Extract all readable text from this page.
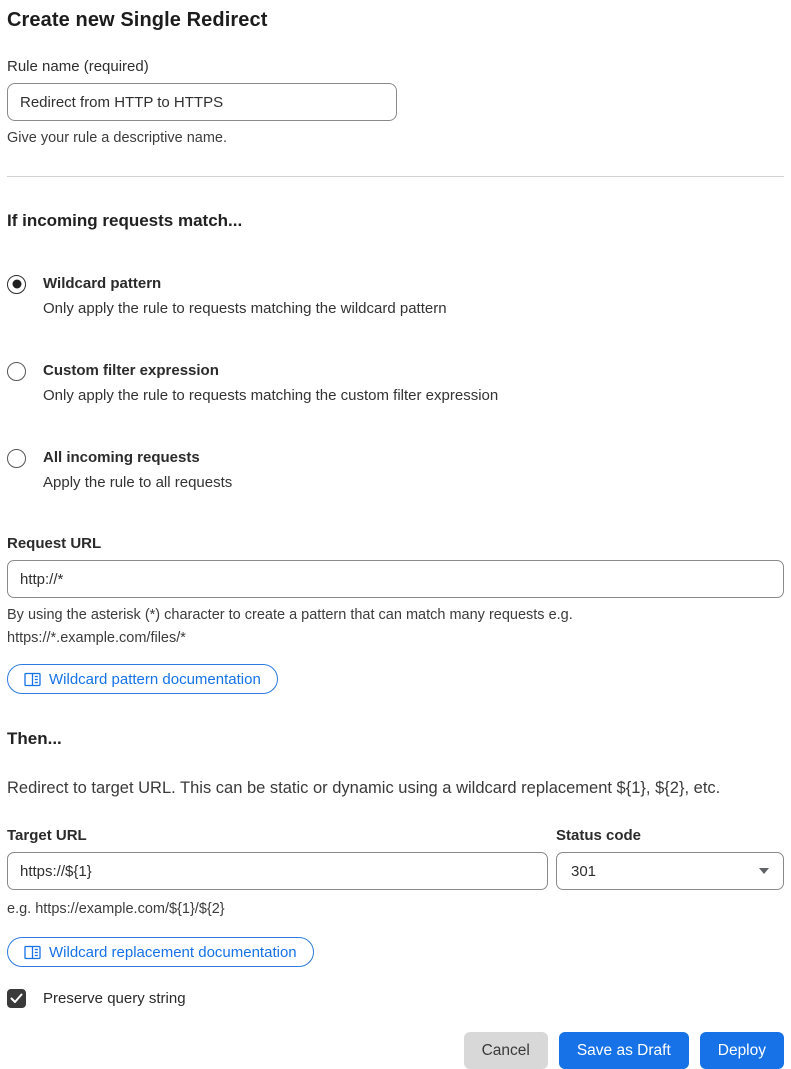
Create new Single Redirect
Rule name (required)
Redirect from HTTP to HTTPS
Give your rule a descriptive name.
If incoming requests match...
Wildcard pattern
Only apply the rule to requests matching the wildcard pattern
Custom filter expression
Only apply the rule to requests matching the custom filter expression
All incoming requests
Apply the rule to all requests
Request URL
http://*
By using the asterisk (*) character to create a pattern that can match many requests e.g.
https://*.example.com/files/*
Wildcard pattern documentation
Then...
Redirect to target URL. This can be static or dynamic using a wildcard replacement ${1}, ${2}, etc.
Target URL
https://${1}
e.g. https://example.com/${1}/${2}
Status code
301
Wildcard replacement documentation
Preserve query string
Cancel	Save as Draft	Deploy
